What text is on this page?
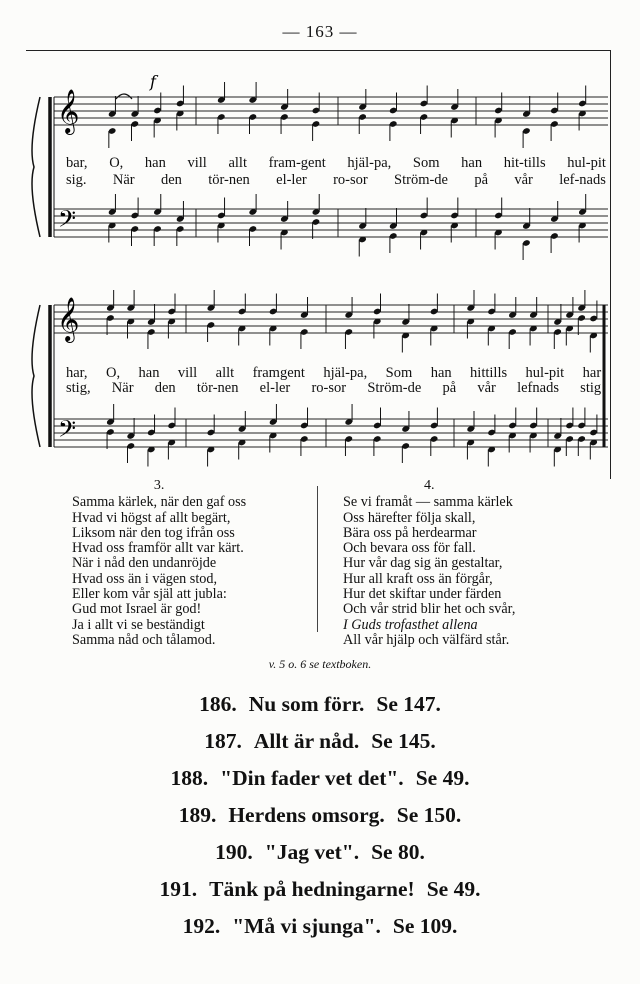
— 163 —
𝄞
𝄢
f
bar, O, han vill allt fram-gent hjäl-pa, Som han hit-tills hul-pit
sig. När den tör-nen el-ler ro-sor Ström-de på vår lef-nads
𝄞
𝄢
har, O, han vill allt framgent hjäl-pa, Som han hittills hul-pit har!
stig, När den tör-nen el-ler ro-sor Ström-de på vår lefnads stig!
3.
Samma kärlek, när den gaf oss
Hvad vi högst af allt begärt,
Liksom när den tog ifrån oss
Hvad oss framför allt var kärt.
När i nåd den undanröjde
Hvad oss än i vägen stod,
Eller kom vår själ att jubla:
Gud mot Israel är god!
Ja i allt vi se beständigt
Samma nåd och tålamod.
4.
Se vi framåt — samma kärlek
Oss härefter följa skall,
Bära oss på herdearmar
Och bevara oss för fall.
Hur vår dag sig än gestaltar,
Hur all kraft oss än förgår,
Hur det skiftar under färden
Och vår strid blir het och svår,
I Guds trofasthet allena
All vår hjälp och välfärd står.
v. 5 o. 6 se textboken.
186. Nu som förr. Se 147.
187. Allt är nåd. Se 145.
188. "Din fader vet det". Se 49.
189. Herdens omsorg. Se 150.
190. "Jag vet". Se 80.
191. Tänk på hedningarne! Se 49.
192. "Må vi sjunga". Se 109.
